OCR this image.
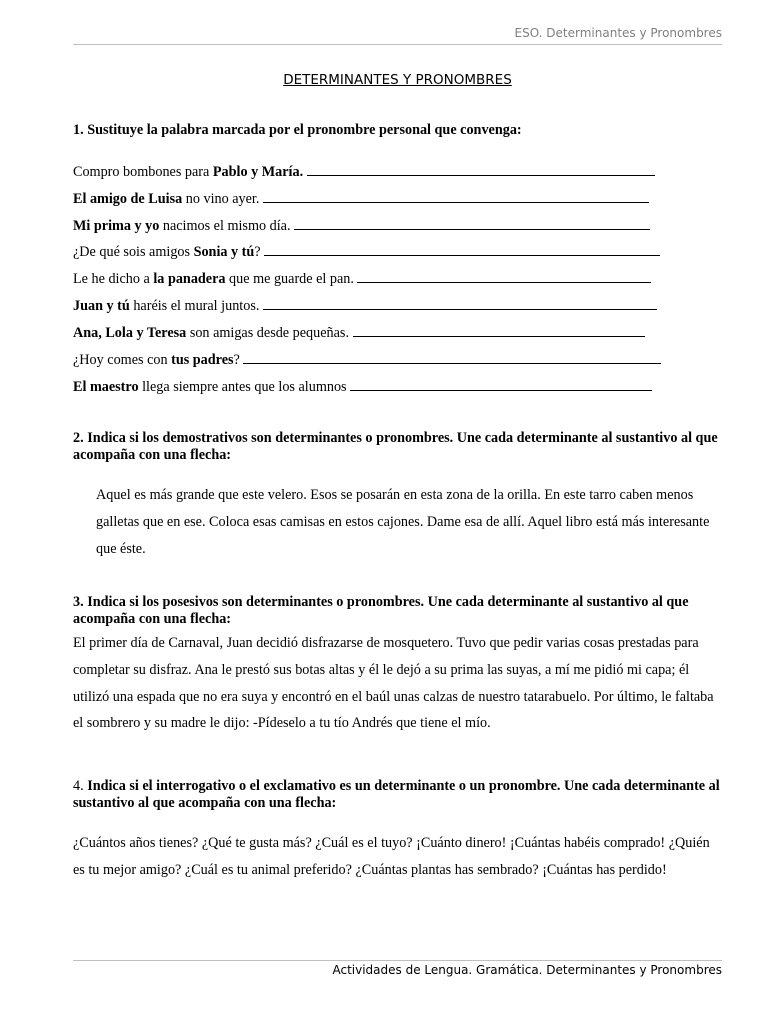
ESO. Determinantes y Pronombres
DETERMINANTES Y PRONOMBRES
1. Sustituye la palabra marcada por el pronombre personal que convenga:
Compro bombones para Pablo y María.
El amigo de Luisa no vino ayer.
Mi prima y yo nacimos el mismo día.
¿De qué sois amigos Sonia y tú?
Le he dicho a la panadera que me guarde el pan.
Juan y tú haréis el mural juntos.
Ana, Lola y Teresa son amigas desde pequeñas.
¿Hoy comes con tus padres?
El maestro llega siempre antes que los alumnos
2. Indica si los demostrativos son determinantes o pronombres. Une cada determinante al sustantivo al que acompaña con una flecha:
Aquel es más grande que este velero. Esos se posarán en esta zona de la orilla. En este tarro caben menos galletas que en ese. Coloca esas camisas en estos cajones. Dame esa de allí. Aquel libro está más interesante que éste.
3. Indica si los posesivos son determinantes o pronombres. Une cada determinante al sustantivo al que acompaña con una flecha:
El primer día de Carnaval, Juan decidió disfrazarse de mosquetero. Tuvo que pedir varias cosas prestadas para completar su disfraz. Ana le prestó sus botas altas y él le dejó a su prima las suyas, a mí me pidió mi capa; él utilizó una espada que no era suya y encontró en el baúl unas calzas de nuestro tatarabuelo. Por último, le faltaba el sombrero y su madre le dijo: -Pídeselo a tu tío Andrés que tiene el mío.
4. Indica si el interrogativo o el exclamativo es un determinante o un pronombre. Une cada determinante al sustantivo al que acompaña con una flecha:
¿Cuántos años tienes? ¿Qué te gusta más? ¿Cuál es el tuyo? ¡Cuánto dinero! ¡Cuántas habéis comprado! ¿Quién es tu mejor amigo? ¿Cuál es tu animal preferido? ¿Cuántas plantas has sembrado? ¡Cuántas has perdido!
Actividades de Lengua. Gramática. Determinantes y Pronombres
